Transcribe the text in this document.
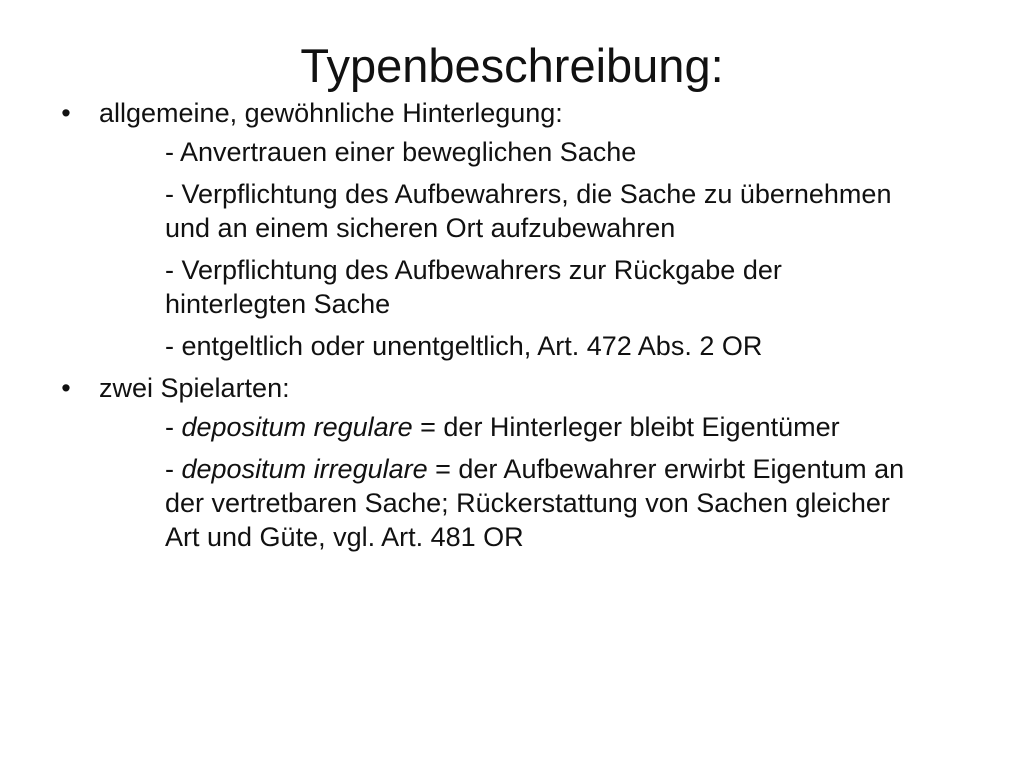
Typenbeschreibung:
• allgemeine, gewöhnliche Hinterlegung:
- Anvertrauen einer beweglichen Sache
- Verpflichtung des Aufbewahrers, die Sache zu übernehmen und an einem sicheren Ort aufzubewahren
- Verpflichtung des Aufbewahrers zur Rückgabe der hinterlegten Sache
- entgeltlich oder unentgeltlich, Art. 472 Abs. 2 OR
• zwei Spielarten:
- depositum regulare = der Hinterleger bleibt Eigentümer
- depositum irregulare = der Aufbewahrer erwirbt Eigentum an der vertretbaren Sache; Rückerstattung von Sachen gleicher Art und Güte, vgl. Art. 481 OR
